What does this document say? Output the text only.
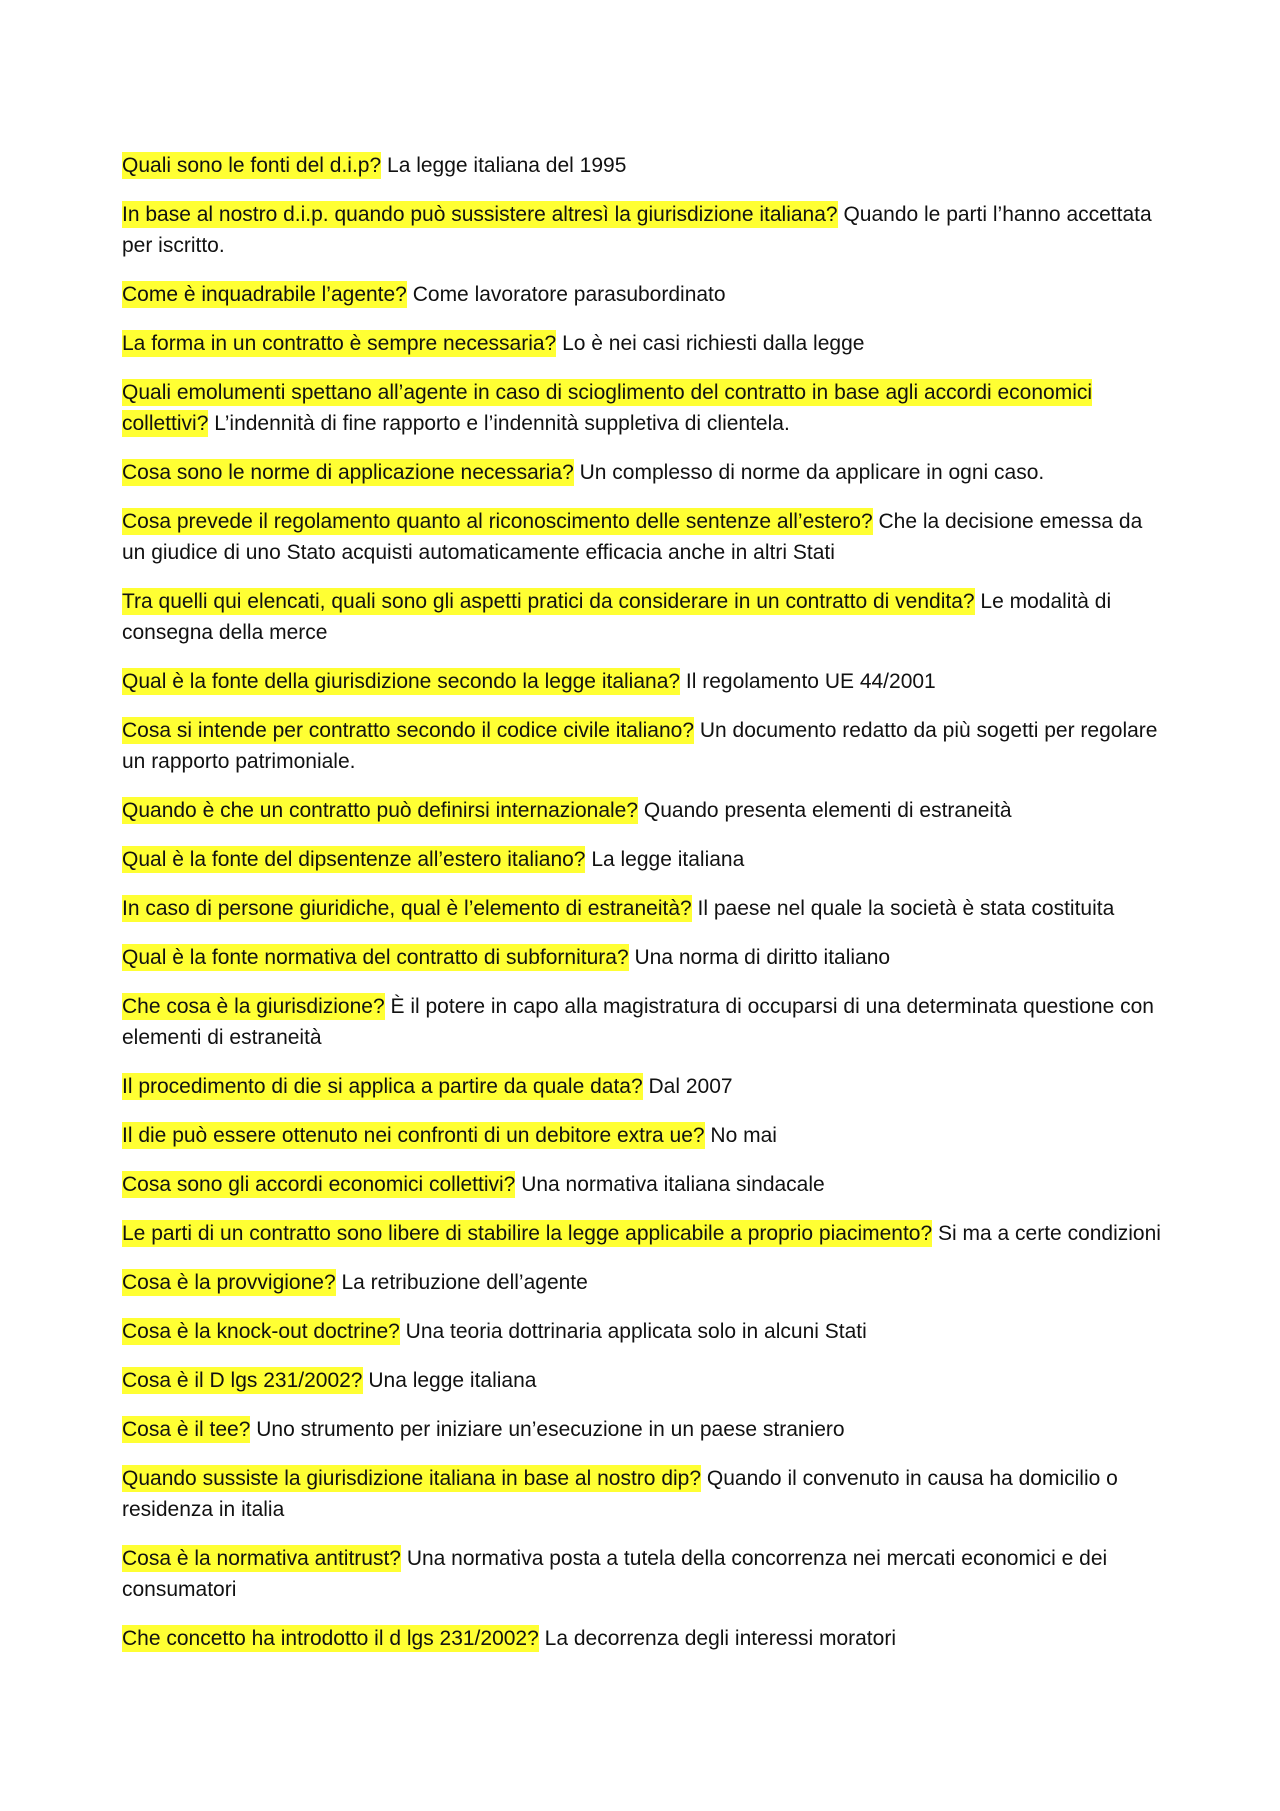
Quali sono le fonti del d.i.p? La legge italiana del 1995

In base al nostro d.i.p. quando può sussistere altresì la giurisdizione italiana? Quando le parti l’hanno accettata per iscritto.

Come è inquadrabile l’agente? Come lavoratore parasubordinato

La forma in un contratto è sempre necessaria? Lo è nei casi richiesti dalla legge

Quali emolumenti spettano all’agente in caso di scioglimento del contratto in base agli accordi economici collettivi? L’indennità di fine rapporto e l’indennità suppletiva di clientela.

Cosa sono le norme di applicazione necessaria? Un complesso di norme da applicare in ogni caso.

Cosa prevede il regolamento quanto al riconoscimento delle sentenze all’estero? Che la decisione emessa da un giudice di uno Stato acquisti automaticamente efficacia anche in altri Stati

Tra quelli qui elencati, quali sono gli aspetti pratici da considerare in un contratto di vendita? Le modalità di consegna della merce

Qual è la fonte della giurisdizione secondo la legge italiana? Il regolamento UE 44/2001

Cosa si intende per contratto secondo il codice civile italiano? Un documento redatto da più sogetti per regolare un rapporto patrimoniale.

Quando è che un contratto può definirsi internazionale? Quando presenta elementi di estraneità

Qual è la fonte del dipsentenze all’estero italiano? La legge italiana

In caso di persone giuridiche, qual è l’elemento di estraneità? Il paese nel quale la società è stata costituita

Qual è la fonte normativa del contratto di subfornitura? Una norma di diritto italiano

Che cosa è la giurisdizione? È il potere in capo alla magistratura di occuparsi di una determinata questione con elementi di estraneità

Il procedimento di die si applica a partire da quale data? Dal 2007

Il die può essere ottenuto nei confronti di un debitore extra ue? No mai

Cosa sono gli accordi economici collettivi? Una normativa italiana sindacale

Le parti di un contratto sono libere di stabilire la legge applicabile a proprio piacimento? Si ma a certe condizioni

Cosa è la provvigione? La retribuzione dell’agente

Cosa è la knock-out doctrine? Una teoria dottrinaria applicata solo in alcuni Stati

Cosa è il D lgs 231/2002? Una legge italiana

Cosa è il tee? Uno strumento per iniziare un’esecuzione in un paese straniero

Quando sussiste la giurisdizione italiana in base al nostro dip? Quando il convenuto in causa ha domicilio o residenza in italia

Cosa è la normativa antitrust? Una normativa posta a tutela della concorrenza nei mercati economici e dei consumatori

Che concetto ha introdotto il d lgs 231/2002? La decorrenza degli interessi moratori
